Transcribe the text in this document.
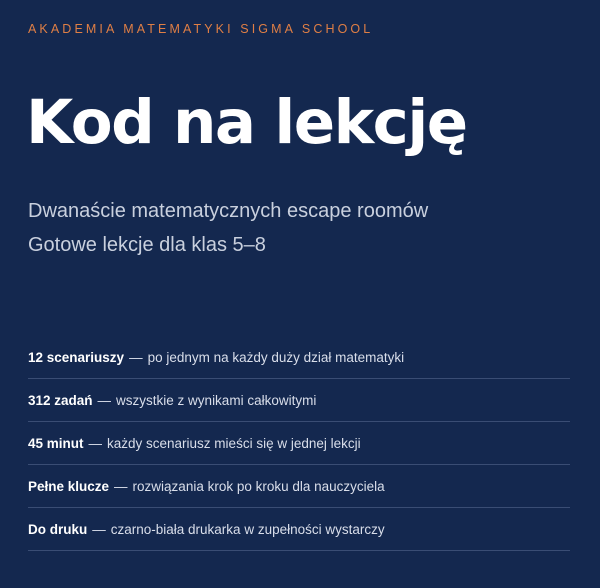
AKADEMIA MATEMATYKI SIGMA SCHOOL
Kod na lekcję
Dwanaście matematycznych escape roomów
Gotowe lekcje dla klas 5–8
12 scenariuszy — po jednym na każdy duży dział matematyki
312 zadań — wszystkie z wynikami całkowitymi
45 minut — każdy scenariusz mieści się w jednej lekcji
Pełne klucze — rozwiązania krok po kroku dla nauczyciela
Do druku — czarno-biała drukarka w zupełności wystarczy
